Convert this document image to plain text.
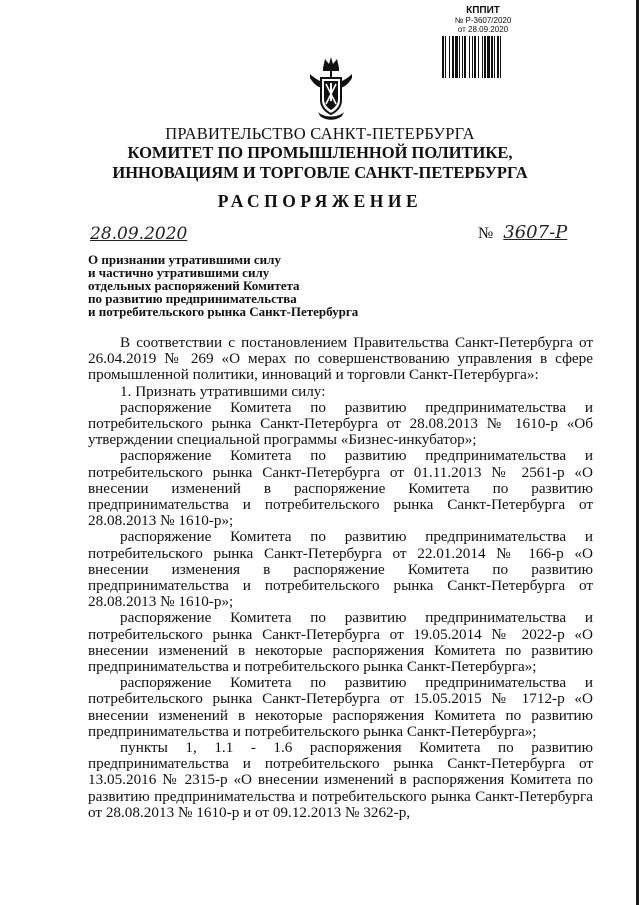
КППИТ
№ Р-3607/2020
от 28.09.2020
ПРАВИТЕЛЬСТВО САНКТ-ПЕТЕРБУРГА
КОМИТЕТ ПО ПРОМЫШЛЕННОЙ ПОЛИТИКЕ,
ИННОВАЦИЯМ И ТОРГОВЛЕ САНКТ-ПЕТЕРБУРГА
РАСПОРЯЖЕНИЕ
28.09.2020	№ 3607-Р
О признании утратившими силу
и частично утратившими силу
отдельных распоряжений Комитета
по развитию предпринимательства
и потребительского рынка Санкт-Петербурга

В соответствии с постановлением Правительства Санкт-Петербурга от 26.04.2019 № 269 «О мерах по совершенствованию управления в сфере промышленной политики, инноваций и торговли Санкт-Петербурга»:

1. Признать утратившими силу:

распоряжение Комитета по развитию предпринимательства и потребительского рынка Санкт-Петербурга от 28.08.2013 № 1610-р «Об утверждении специальной программы «Бизнес-инкубатор»;

распоряжение Комитета по развитию предпринимательства и потребительского рынка Санкт-Петербурга от 01.11.2013 № 2561-р «О внесении изменений в распоряжение Комитета по развитию предпринимательства и потребительского рынка Санкт-Петербурга от 28.08.2013 № 1610-р»;

распоряжение Комитета по развитию предпринимательства и потребительского рынка Санкт-Петербурга от 22.01.2014 № 166-р «О внесении изменения в распоряжение Комитета по развитию предпринимательства и потребительского рынка Санкт-Петербурга от 28.08.2013 № 1610-р»;

распоряжение Комитета по развитию предпринимательства и потребительского рынка Санкт-Петербурга от 19.05.2014 № 2022-р «О внесении изменений в некоторые распоряжения Комитета по развитию предпринимательства и потребительского рынка Санкт-Петербурга»;

распоряжение Комитета по развитию предпринимательства и потребительского рынка Санкт-Петербурга от 15.05.2015 № 1712-р «О внесении изменений в некоторые распоряжения Комитета по развитию предпринимательства и потребительского рынка Санкт-Петербурга»;

пункты 1, 1.1 - 1.6 распоряжения Комитета по развитию предпринимательства и потребительского рынка Санкт-Петербурга от 13.05.2016 № 2315-р «О внесении изменений в распоряжения Комитета по развитию предпринимательства и потребительского рынка Санкт-Петербурга от 28.08.2013 № 1610-р и от 09.12.2013 № 3262-р,
